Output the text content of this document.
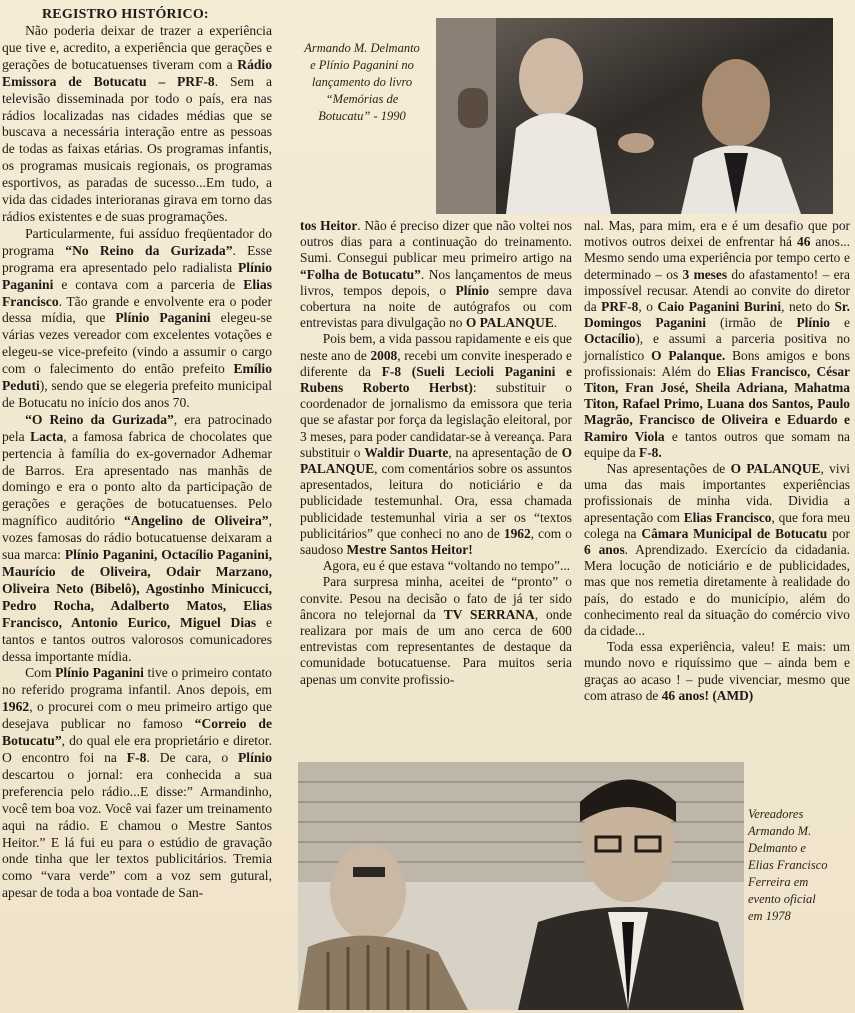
REGISTRO HISTÓRICO:

Não poderia deixar de trazer a experiência que tive e, acredito, a experiência que gerações e gerações de botucatuenses tiveram com a Rádio Emissora de Botucatu – PRF-8. Sem a televisão disseminada por todo o país, era nas rádios localizadas nas cidades médias que se buscava a necessária interação entre as pessoas de todas as faixas etárias. Os programas infantis, os programas musicais regionais, os programas esportivos, as paradas de sucesso...Em tudo, a vida das cidades interioranas girava em torno das rádios existentes e de suas programações.

Particularmente, fui assíduo freqüentador do programa “No Reino da Gurizada”. Esse programa era apresentado pelo radialista Plínio Paganini e contava com a parceria de Elias Francisco. Tão grande e envolvente era o poder dessa mídia, que Plínio Paganini elegeu-se várias vezes vereador com excelentes votações e elegeu-se vice-prefeito (vindo a assumir o cargo com o falecimento do então prefeito Emílio Peduti), sendo que se elegeria prefeito municipal de Botucatu no início dos anos 70.

“O Reino da Gurizada”, era patrocinado pela Lacta, a famosa fabrica de chocolates que pertencia à família do ex-governador Adhemar de Barros. Era apresentado nas manhãs de domingo e era o ponto alto da participação de gerações e gerações de botucatuenses. Pelo magnífico auditório “Angelino de Oliveira”, vozes famosas do rádio botucatuense deixaram a sua marca: Plínio Paganini, Octacílio Paganini, Maurício de Oliveira, Odair Marzano, Oliveira Neto (Bibelô), Agostinho Minicucci, Pedro Rocha, Adalberto Matos, Elias Francisco, Antonio Eurico, Miguel Dias e tantos e tantos outros valorosos comunicadores dessa importante mídia.

Com Plínio Paganini tive o primeiro contato no referido programa infantil. Anos depois, em 1962, o procurei com o meu primeiro artigo que desejava publicar no famoso “Correio de Botucatu”, do qual ele era proprietário e diretor. O encontro foi na F-8. De cara, o Plínio descartou o jornal: era conhecida a sua preferencia pelo rádio...E disse:” Armandinho, você tem boa voz. Você vai fazer um treinamento aqui na rádio. E chamou o Mestre Santos Heitor.” E lá fui eu para o estúdio de gravação onde tinha que ler textos publicitários. Tremia como “vara verde” com a voz sem gutural, apesar de toda a boa vontade de San-

Armando M. Delmanto
e Plínio Paganini no
lançamento do livro
“Memórias de
Botucatu” - 1990

tos Heitor. Não é preciso dizer que não voltei nos outros dias para a continuação do treinamento. Sumi. Consegui publicar meu primeiro artigo na “Folha de Botucatu”. Nos lançamentos de meus livros, tempos depois, o Plínio sempre dava cobertura na noite de autógrafos ou com entrevistas para divulgação no O PALANQUE.

Pois bem, a vida passou rapidamente e eis que neste ano de 2008, recebi um convite inesperado e diferente da F-8 (Sueli Lecioli Paganini e Rubens Roberto Herbst): substituir o coordenador de jornalismo da emissora que teria que se afastar por força da legislação eleitoral, por 3 meses, para poder candidatar-se à vereança. Para substituir o Waldir Duarte, na apresentação de O PALANQUE, com comentários sobre os assuntos apresentados, leitura do noticiário e da publicidade testemunhal. Ora, essa chamada publicidade testemunhal viria a ser os “textos publicitários” que conheci no ano de 1962, com o saudoso Mestre Santos Heitor!

Agora, eu é que estava “voltando no tempo”...

Para surpresa minha, aceitei de “pronto” o convite. Pesou na decisão o fato de já ter sido âncora no telejornal da TV SERRANA, onde realizara por mais de um ano cerca de 600 entrevistas com representantes de destaque da comunidade botucatuense. Para muitos seria apenas um convite profissio-

nal. Mas, para mim, era e é um desafio que por motivos outros deixei de enfrentar há 46 anos... Mesmo sendo uma experiência por tempo certo e determinado – os 3 meses do afastamento! – era impossível recusar. Atendi ao convite do diretor da PRF-8, o Caio Paganini Burini, neto do Sr. Domingos Paganini (irmão de Plínio e Octacílio), e assumi a parceria positiva no jornalístico O Palanque. Bons amigos e bons profissionais: Além do Elias Francisco, César Titon, Fran José, Sheila Adriana, Mahatma Titon, Rafael Primo, Luana dos Santos, Paulo Magrão, Francisco de Oliveira e Eduardo e Ramiro Viola e tantos outros que somam na equipe da F-8.

Nas apresentações de O PALANQUE, vivi uma das mais importantes experiências profissionais de minha vida. Dividia a apresentação com Elias Francisco, que fora meu colega na Câmara Municipal de Botucatu por 6 anos. Aprendizado. Exercício da cidadania. Mera locução de noticiário e de publicidades, mas que nos remetia diretamente à realidade do país, do estado e do município, além do conhecimento real da situação do comércio vivo da cidade...

Toda essa experiência, valeu! E mais: um mundo novo e riquíssimo que – ainda bem e graças ao acaso ! – pude vivenciar, mesmo que com atraso de 46 anos! (AMD)

Vereadores
Armando M.
Delmanto e
Elias Francisco
Ferreira em
evento oficial
em 1978
